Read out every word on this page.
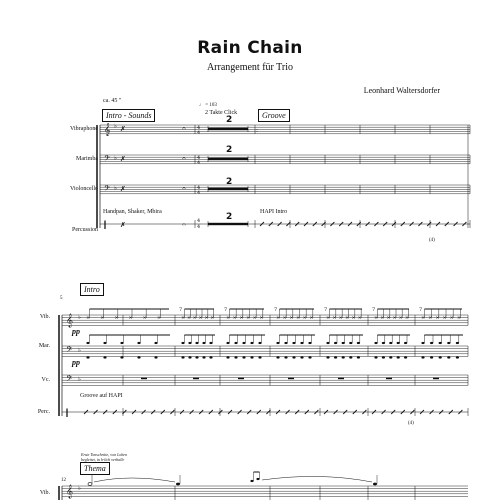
Rain Chain
Arrangement für Trio
Leonhard Waltersdorfer
ca. 45 "
♩ = 103
Intro - Sounds	2 Takte Click	Groove
Vibraphone
Marimba
Violoncello
Percussion
Handpan, Shaker, Mbira	HAPI Intro
(4)
2
2
2
2
5
Intro
Vib.
Mar.
Vc.
Perc.
pp
pp
Groove auf HAPI
(4)
Erste Tonschritte, von Loben
begleitet, in h-lich verhalle
Thema
12
Vib.
𝄞
𝄢
𝄢
‖
♭
♭
♭
✗
✗
✗
✗
𝄐
𝄐
𝄐
𝄐
4
4
4
4
4
4
4
4
:
𝄞
𝄢
𝄢
‖
♭
♭
♭
× × × × × ×	× × × × × ×
7
× × × × × ×
7
× × × × × ×
7
× × × × × ×
7
× × × × × ×
7
× × × × × ×
7
𝄞 ♭
